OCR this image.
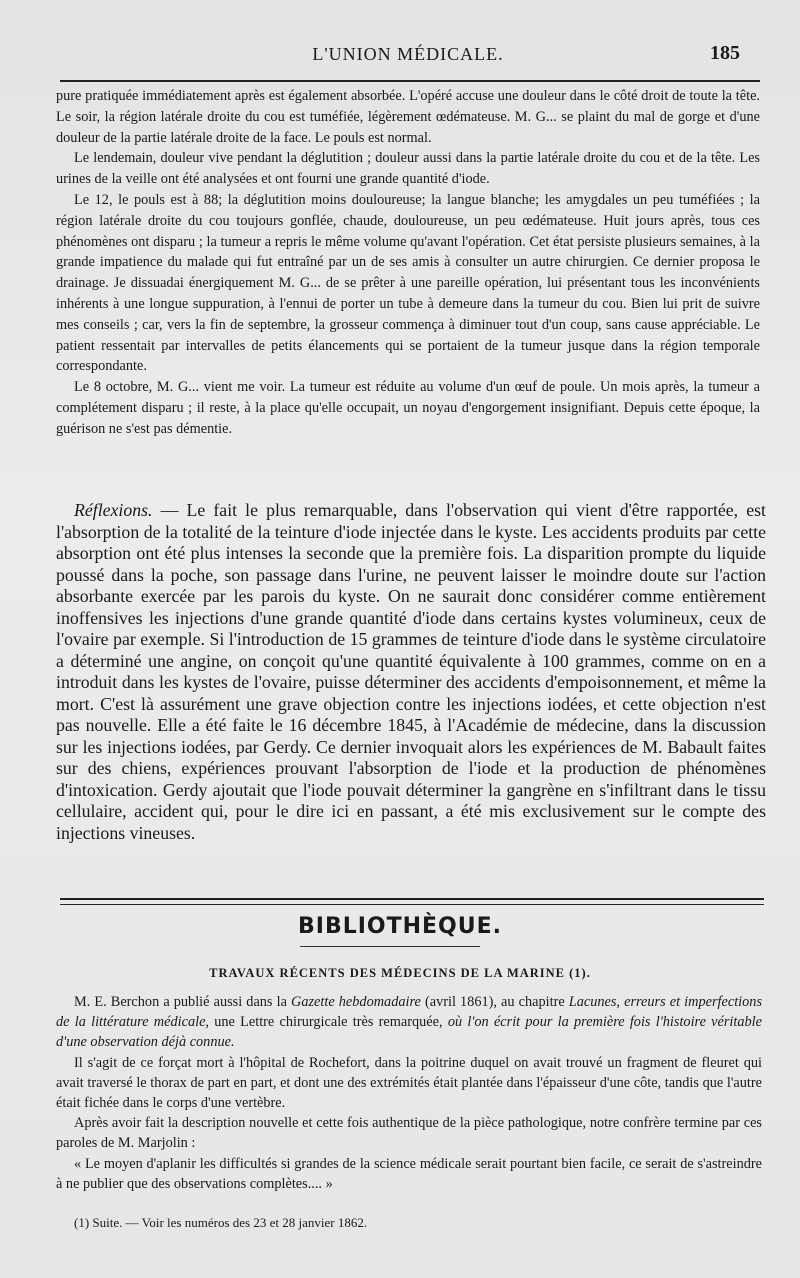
L'UNION MÉDICALE.	185

pure pratiquée immédiatement après est également absorbée. L'opéré accuse une douleur dans le côté droit de toute la tête. Le soir, la région latérale droite du cou est tuméfiée, légèrement œdémateuse. M. G... se plaint du mal de gorge et d'une douleur de la partie latérale droite de la face. Le pouls est normal.

Le lendemain, douleur vive pendant la déglutition ; douleur aussi dans la partie latérale droite du cou et de la tête. Les urines de la veille ont été analysées et ont fourni une grande quantité d'iode.

Le 12, le pouls est à 88; la déglutition moins douloureuse; la langue blanche; les amygdales un peu tuméfiées ; la région latérale droite du cou toujours gonflée, chaude, douloureuse, un peu œdémateuse. Huit jours après, tous ces phénomènes ont disparu ; la tumeur a repris le même volume qu'avant l'opération. Cet état persiste plusieurs semaines, à la grande impatience du malade qui fut entraîné par un de ses amis à consulter un autre chirurgien. Ce dernier proposa le drainage. Je dissuadai énergiquement M. G... de se prêter à une pareille opération, lui présentant tous les inconvénients inhérents à une longue suppuration, à l'ennui de porter un tube à demeure dans la tumeur du cou. Bien lui prit de suivre mes conseils ; car, vers la fin de septembre, la grosseur commença à diminuer tout d'un coup, sans cause appréciable. Le patient ressentait par intervalles de petits élancements qui se portaient de la tumeur jusque dans la région temporale correspondante.

Le 8 octobre, M. G... vient me voir. La tumeur est réduite au volume d'un œuf de poule. Un mois après, la tumeur a complétement disparu ; il reste, à la place qu'elle occupait, un noyau d'engorgement insignifiant. Depuis cette époque, la guérison ne s'est pas démentie.

Réflexions. — Le fait le plus remarquable, dans l'observation qui vient d'être rapportée, est l'absorption de la totalité de la teinture d'iode injectée dans le kyste. Les accidents produits par cette absorption ont été plus intenses la seconde que la première fois. La disparition prompte du liquide poussé dans la poche, son passage dans l'urine, ne peuvent laisser le moindre doute sur l'action absorbante exercée par les parois du kyste. On ne saurait donc considérer comme entièrement inoffensives les injections d'une grande quantité d'iode dans certains kystes volumineux, ceux de l'ovaire par exemple. Si l'introduction de 15 grammes de teinture d'iode dans le système circulatoire a déterminé une angine, on conçoit qu'une quantité équivalente à 100 grammes, comme on en a introduit dans les kystes de l'ovaire, puisse déterminer des accidents d'empoisonnement, et même la mort. C'est là assurément une grave objection contre les injections iodées, et cette objection n'est pas nouvelle. Elle a été faite le 16 décembre 1845, à l'Académie de médecine, dans la discussion sur les injections iodées, par Gerdy. Ce dernier invoquait alors les expériences de M. Babault faites sur des chiens, expériences prouvant l'absorption de l'iode et la production de phénomènes d'intoxication. Gerdy ajoutait que l'iode pouvait déterminer la gangrène en s'infiltrant dans le tissu cellulaire, accident qui, pour le dire ici en passant, a été mis exclusivement sur le compte des injections vineuses.

BIBLIOTHÈQUE.
TRAVAUX RÉCENTS DES MÉDECINS DE LA MARINE (1).

M. E. Berchon a publié aussi dans la Gazette hebdomadaire (avril 1861), au chapitre Lacunes, erreurs et imperfections de la littérature médicale, une Lettre chirurgicale très remarquée, où l'on écrit pour la première fois l'histoire véritable d'une observation déjà connue.

Il s'agit de ce forçat mort à l'hôpital de Rochefort, dans la poitrine duquel on avait trouvé un fragment de fleuret qui avait traversé le thorax de part en part, et dont une des extrémités était plantée dans l'épaisseur d'une côte, tandis que l'autre était fichée dans le corps d'une vertèbre.

Après avoir fait la description nouvelle et cette fois authentique de la pièce pathologique, notre confrère termine par ces paroles de M. Marjolin :

« Le moyen d'aplanir les difficultés si grandes de la science médicale serait pourtant bien facile, ce serait de s'astreindre à ne publier que des observations complètes.... »

(1) Suite. — Voir les numéros des 23 et 28 janvier 1862.
